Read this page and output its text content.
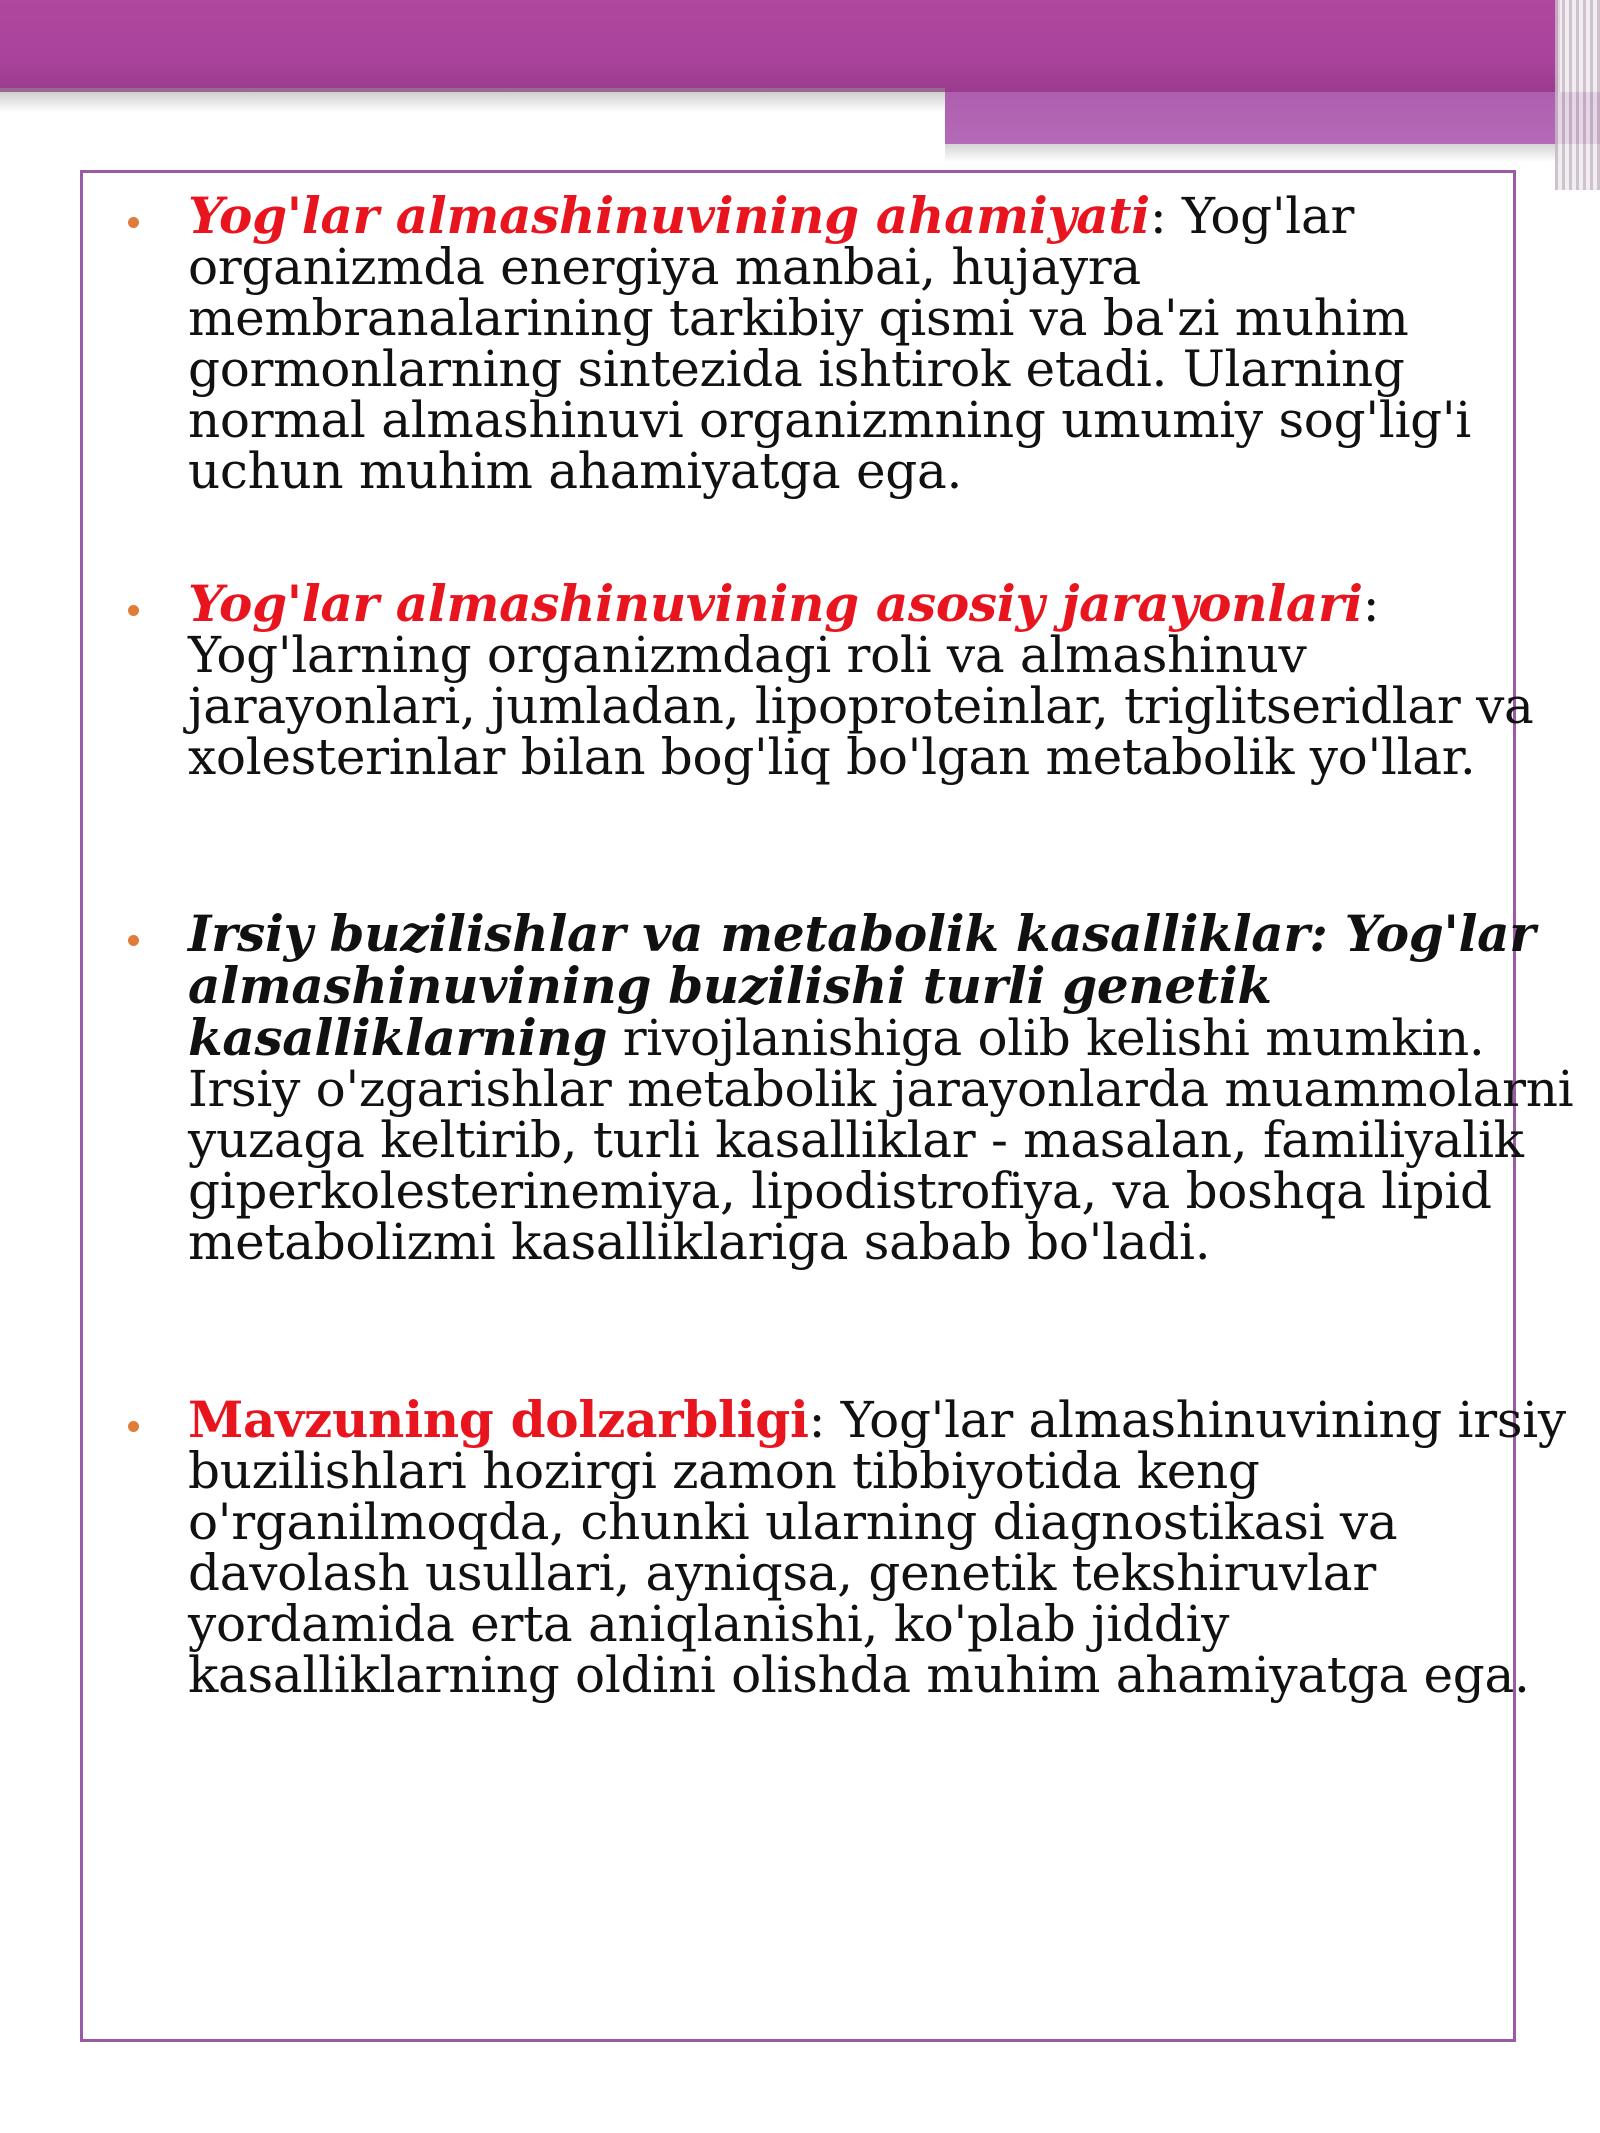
Yog'lar almashinuvining ahamiyati: Yog'lar organizmda energiya manbai, hujayra membranalarining tarkibiy qismi va ba'zi muhim gormonlarning sintezida ishtirok etadi. Ularning normal almashinuvi organizmning umumiy sog'lig'i uchun muhim ahamiyatga ega.
Yog'lar almashinuvining asosiy jarayonlari: Yog'larning organizmdagi roli va almashinuv jarayonlari, jumladan, lipoproteinlar, triglitseridlar va xolesterinlar bilan bog'liq bo'lgan metabolik yo'llar.
Irsiy buzilishlar va metabolik kasalliklar: Yog'lar almashinuvining buzilishi turli genetik kasalliklarning rivojlanishiga olib kelishi mumkin. Irsiy o'zgarishlar metabolik jarayonlarda muammolarni yuzaga keltirib, turli kasalliklar - masalan, familiyalik giperkolesterinemiya, lipodistrofiya, va boshqa lipid metabolizmi kasalliklariga sabab bo'ladi.
Mavzuning dolzarbligi: Yog'lar almashinuvining irsiy buzilishlari hozirgi zamon tibbiyotida keng o'rganilmoqda, chunki ularning diagnostikasi va davolash usullari, ayniqsa, genetik tekshiruvlar yordamida erta aniqlanishi, ko'plab jiddiy kasalliklarning oldini olishda muhim ahamiyatga ega.
